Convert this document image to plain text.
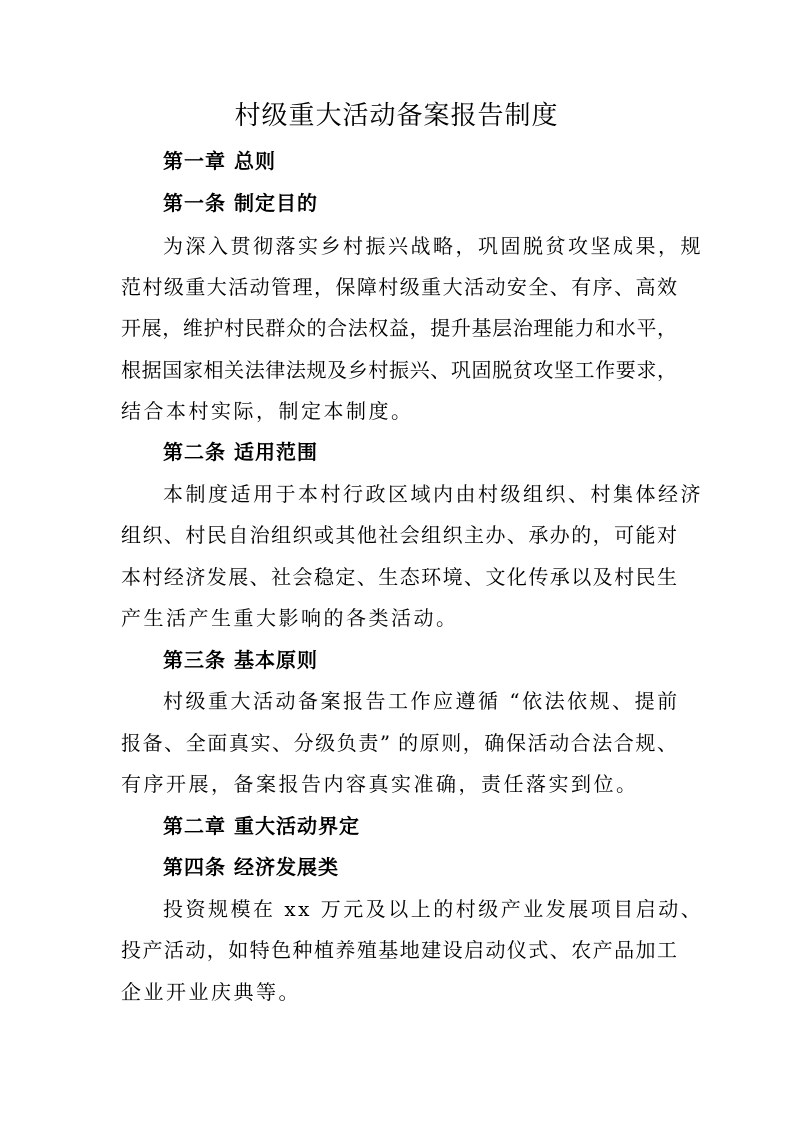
村级重大活动备案报告制度
第一章 总则
第一条 制定目的
为深入贯彻落实乡村振兴战略，巩固脱贫攻坚成果，规
范村级重大活动管理，保障村级重大活动安全、有序、高效
开展，维护村民群众的合法权益，提升基层治理能力和水平，
根据国家相关法律法规及乡村振兴、巩固脱贫攻坚工作要求，
结合本村实际，制定本制度。
第二条 适用范围
本制度适用于本村行政区域内由村级组织、村集体经济
组织、村民自治组织或其他社会组织主办、承办的，可能对
本村经济发展、社会稳定、生态环境、文化传承以及村民生
产生活产生重大影响的各类活动。
第三条 基本原则
村级重大活动备案报告工作应遵循 “依法依规、提前
报备、全面真实、分级负责” 的原则，确保活动合法合规、
有序开展，备案报告内容真实准确，责任落实到位。
第二章 重大活动界定
第四条 经济发展类
投资规模在 xx 万元及以上的村级产业发展项目启动、
投产活动，如特色种植养殖基地建设启动仪式、农产品加工
企业开业庆典等。
